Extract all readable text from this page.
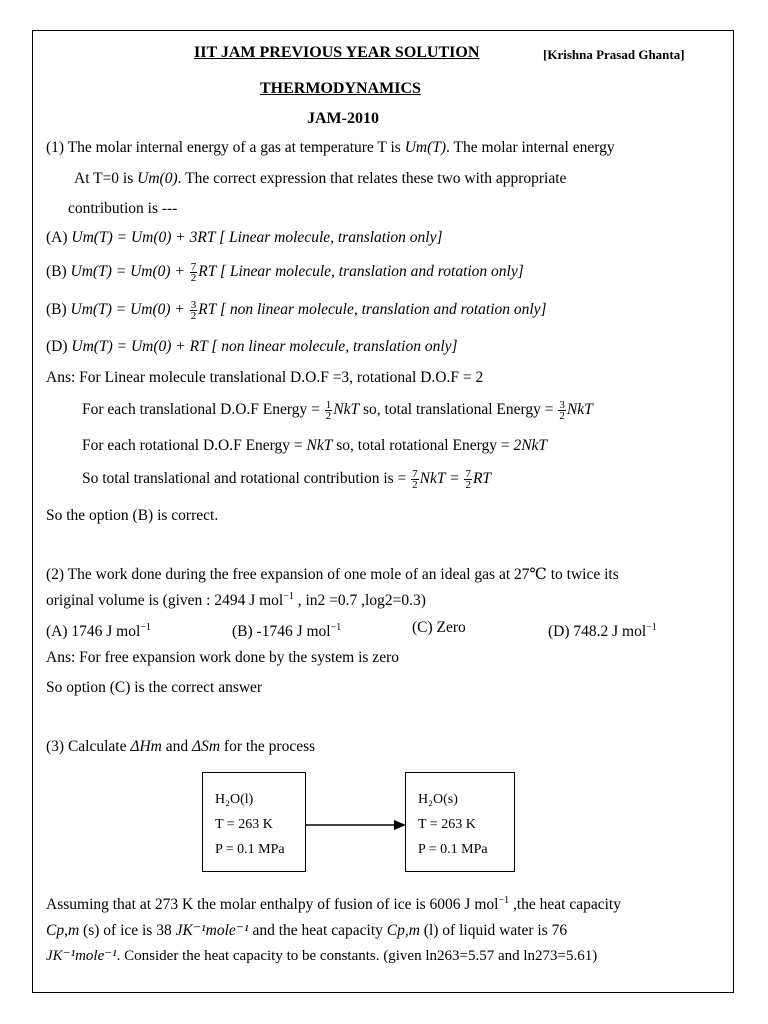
IIT JAM PREVIOUS YEAR SOLUTION	[Krishna Prasad Ghanta]
THERMODYNAMICS
JAM-2010
(1) The molar internal energy of a gas at temperature T is Um(T). The molar internal energy
At T=0 is Um(0). The correct expression that relates these two with appropriate
contribution is ---
(A) Um(T) = Um(0) + 3RT [ Linear molecule, translation only]
(B) $Um(T) = Um(0) + \frac{7}{2}$ RT [ Linear molecule, translation and rotation only]
(B) $Um(T) = Um(0) + \frac{3}{2}$ RT [ non linear molecule, translation and rotation only]
(D) Um(T) = Um(0) + RT [ non linear molecule, translation only]
Ans: For Linear molecule translational D.O.F =3, rotational D.O.F = 2
For each translational D.O.F Energy = $\frac{1}{2}$ NkT so, total translational Energy = $\frac{3}{2}$ NkT
For each rotational D.O.F Energy = NkT so, total rotational Energy = 2NkT
So total translational and rotational contribution is = $\frac{7}{2}$ NkT = $\frac{7}{2}$ RT
So the option (B) is correct.
(2) The work done during the free expansion of one mole of an ideal gas at 27℃ to twice its
original volume is (given : 2494 J mol$^{-1}$ , in2 =0.7 ,log2=0.3)
(A) 1746 J mol$^{-1}$	(B) -1746 J mol$^{-1}$	(C) Zero	(D) 748.2 J mol$^{-1}$
Ans: For free expansion work done by the system is zero
So option (C) is the correct answer
(3) Calculate ΔHm and ΔSm for the process
H₂O(l)
T = 263 K
P = 0.1 MPa
H₂O(s)
T = 263 K
P = 0.1 MPa
Assuming that at 273 K the molar enthalpy of fusion of ice is 6006 J mol$^{-1}$ ,the heat capacity
Cp,m (s) of ice is 38 JK⁻¹mole⁻¹ and the heat capacity Cp,m (l) of liquid water is 76
JK⁻¹mole⁻¹. Consider the heat capacity to be constants. (given ln263=5.57 and ln273=5.61)
